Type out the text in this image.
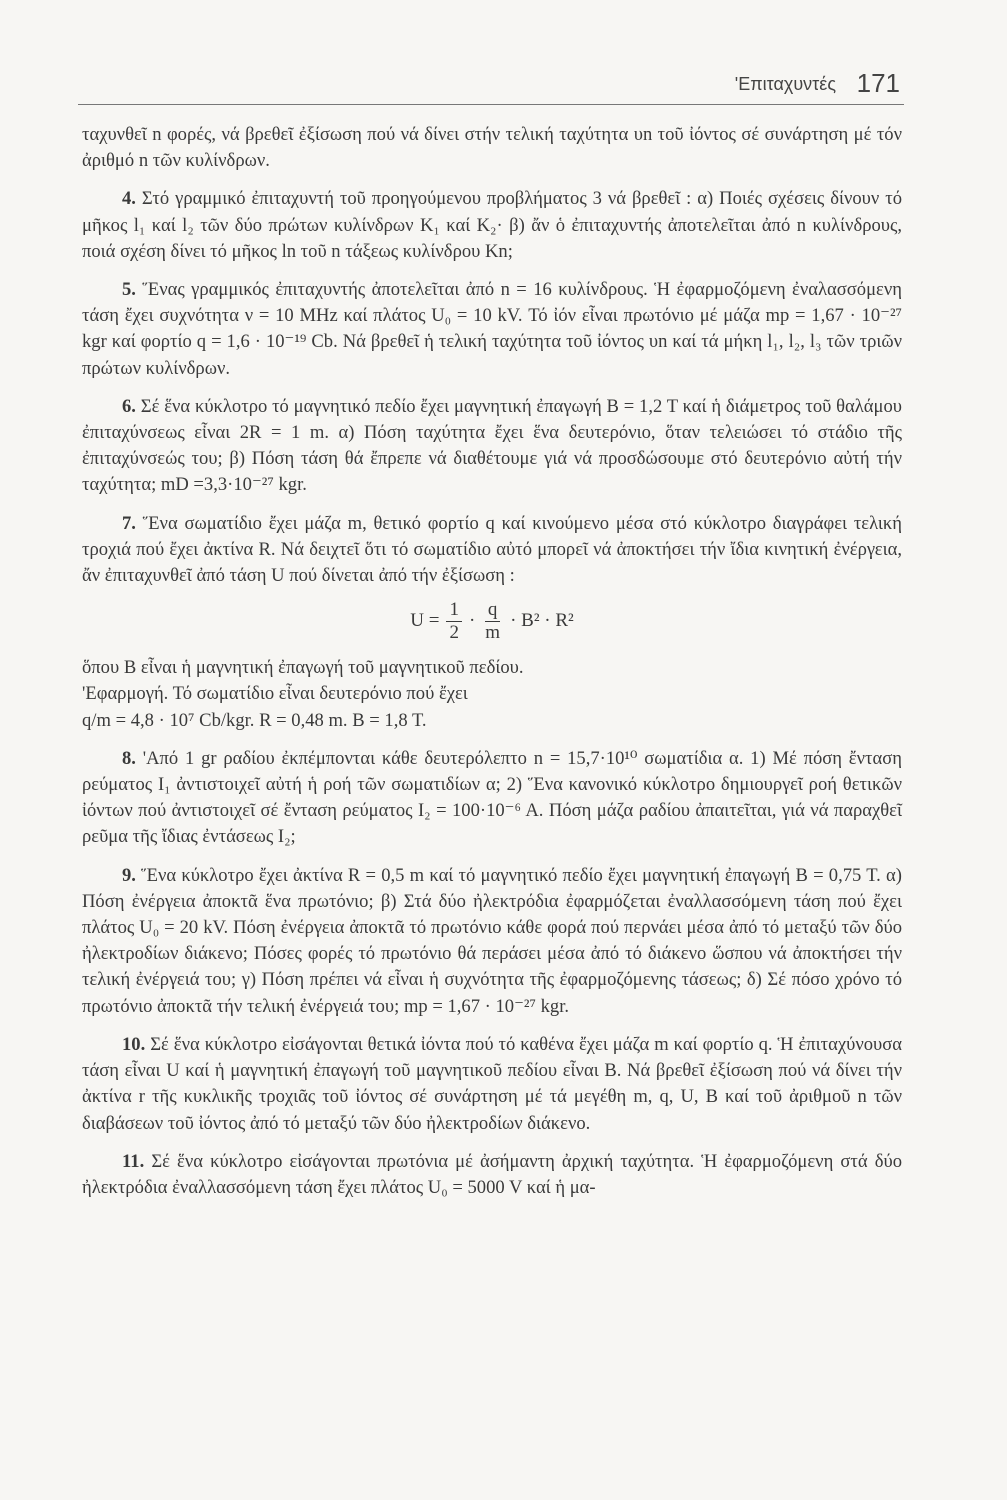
'Επιταχυντές 171

ταχυνθεῖ n φορές, νά βρεθεῖ ἐξίσωση πού νά δίνει στήν τελική ταχύτητα υn τοῦ ἰόντος σέ συνάρτηση μέ τόν ἀριθμό n τῶν κυλίνδρων.

4. Στό γραμμικό ἐπιταχυντή τοῦ προηγούμενου προβλήματος 3 νά βρεθεῖ : α) Ποιές σχέσεις δίνουν τό μῆκος l₁ καί l₂ τῶν δύο πρώτων κυλίνδρων K₁ καί K₂· β) ἄν ὁ ἐπιταχυντής ἀποτελεῖται ἀπό n κυλίνδρους, ποιά σχέση δίνει τό μῆκος ln τοῦ n τάξεως κυλίνδρου Kn;

5. Ἕνας γραμμικός ἐπιταχυντής ἀποτελεῖται ἀπό n = 16 κυλίνδρους. Ἡ ἐφαρμοζόμενη ἐναλασσόμενη τάση ἔχει συχνότητα ν = 10 MHz καί πλάτος U₀ = 10 kV. Τό ἰόν εἶναι πρωτόνιο μέ μάζα mp = 1,67 · 10⁻²⁷ kgr καί φορτίο q = 1,6 · 10⁻¹⁹ Cb. Νά βρεθεῖ ἡ τελική ταχύτητα τοῦ ἰόντος υn καί τά μήκη l₁, l₂, l₃ τῶν τριῶν πρώτων κυλίνδρων.

6. Σέ ἕνα κύκλοτρο τό μαγνητικό πεδίο ἔχει μαγνητική ἐπαγωγή B = 1,2 T καί ἡ διάμετρος τοῦ θαλάμου ἐπιταχύνσεως εἶναι 2R = 1 m. α) Πόση ταχύτητα ἔχει ἕνα δευτερόνιο, ὅταν τελειώσει τό στάδιο τῆς ἐπιταχύνσεώς του; β) Πόση τάση θά ἔπρεπε νά διαθέτουμε γιά νά προσδώσουμε στό δευτερόνιο αὐτή τήν ταχύτητα; mD =3,3·10⁻²⁷ kgr.

7. Ἕνα σωματίδιο ἔχει μάζα m, θετικό φορτίο q καί κινούμενο μέσα στό κύκλοτρο διαγράφει τελική τροχιά πού ἔχει ἀκτίνα R. Νά δειχτεῖ ὅτι τό σωματίδιο αὐτό μπορεῖ νά ἀποκτήσει τήν ἴδια κινητική ἐνέργεια, ἄν ἐπιταχυνθεῖ ἀπό τάση U πού δίνεται ἀπό τήν ἐξίσωση :

$U = \frac{1}{2} \cdot \frac{q}{m} \cdot B^2 \cdot R^2$
ὅπου B εἶναι ἡ μαγνητική ἐπαγωγή τοῦ μαγνητικοῦ πεδίου.
'Εφαρμογή. Τό σωματίδιο εἶναι δευτερόνιο πού ἔχει
q/m = 4,8 · 10⁷ Cb/kgr. R = 0,48 m. B = 1,8 T.

8. 'Από 1 gr ραδίου ἐκπέμπονται κάθε δευτερόλεπτο n = 15,7·10¹⁰ σωματίδια α. 1) Μέ πόση ἔνταση ρεύματος I₁ ἀντιστοιχεῖ αὐτή ἡ ροή τῶν σωματιδίων α; 2) Ἕνα κανονικό κύκλοτρο δημιουργεῖ ροή θετικῶν ἰόντων πού ἀντιστοιχεῖ σέ ἔνταση ρεύματος I₂ = 100·10⁻⁶ A. Πόση μάζα ραδίου ἀπαιτεῖται, γιά νά παραχθεῖ ρεῦμα τῆς ἴδιας ἐντάσεως I₂;

9. Ἕνα κύκλοτρο ἔχει ἀκτίνα R = 0,5 m καί τό μαγνητικό πεδίο ἔχει μαγνητική ἐπαγωγή B = 0,75 T. α) Πόση ἐνέργεια ἀποκτᾶ ἕνα πρωτόνιο; β) Στά δύο ἠλεκτρόδια ἐφαρμόζεται ἐναλλασσόμενη τάση πού ἔχει πλάτος U₀ = 20 kV. Πόση ἐνέργεια ἀποκτᾶ τό πρωτόνιο κάθε φορά πού περνάει μέσα ἀπό τό μεταξύ τῶν δύο ἠλεκτροδίων διάκενο; Πόσες φορές τό πρωτόνιο θά περάσει μέσα ἀπό τό διάκενο ὥσπου νά ἀποκτήσει τήν τελική ἐνέργειά του; γ) Πόση πρέπει νά εἶναι ἡ συχνότητα τῆς ἐφαρμοζόμενης τάσεως; δ) Σέ πόσο χρόνο τό πρωτόνιο ἀποκτᾶ τήν τελική ἐνέργειά του; mp = 1,67 · 10⁻²⁷ kgr.

10. Σέ ἕνα κύκλοτρο εἰσάγονται θετικά ἰόντα πού τό καθένα ἔχει μάζα m καί φορτίο q. Ἡ ἐπιταχύνουσα τάση εἶναι U καί ἡ μαγνητική ἐπαγωγή τοῦ μαγνητικοῦ πεδίου εἶναι B. Νά βρεθεῖ ἐξίσωση πού νά δίνει τήν ἀκτίνα r τῆς κυκλικῆς τροχιᾶς τοῦ ἰόντος σέ συνάρτηση μέ τά μεγέθη m, q, U, B καί τοῦ ἀριθμοῦ n τῶν διαβάσεων τοῦ ἰόντος ἀπό τό μεταξύ τῶν δύο ἠλεκτροδίων διάκενο.

11. Σέ ἕνα κύκλοτρο εἰσάγονται πρωτόνια μέ ἀσήμαντη ἀρχική ταχύτητα. Ἡ ἐφαρμοζόμενη στά δύο ἠλεκτρόδια ἐναλλασσόμενη τάση ἔχει πλάτος U₀ = 5000 V καί ἡ μα-
